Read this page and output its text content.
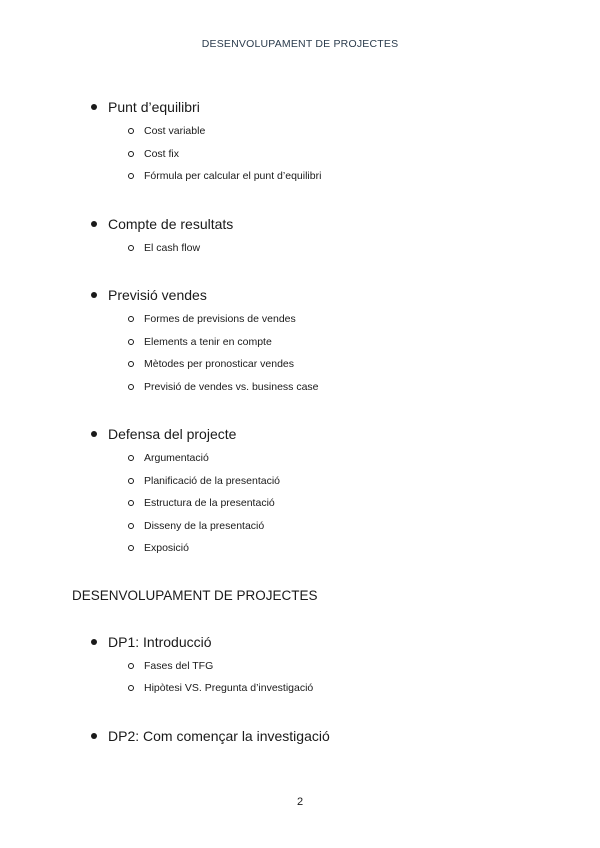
DESENVOLUPAMENT DE PROJECTES
Punt d’equilibri
Cost variable
Cost fix
Fórmula per calcular el punt d’equilibri
Compte de resultats
El cash flow
Previsió vendes
Formes de previsions de vendes
Elements a tenir en compte
Mètodes per pronosticar vendes
Previsió de vendes vs. business case
Defensa del projecte
Argumentació
Planificació de la presentació
Estructura de la presentació
Disseny de la presentació
Exposició
DESENVOLUPAMENT DE PROJECTES
DP1: Introducció
Fases del TFG
Hipòtesi VS. Pregunta d’investigació
DP2: Com començar la investigació
2
